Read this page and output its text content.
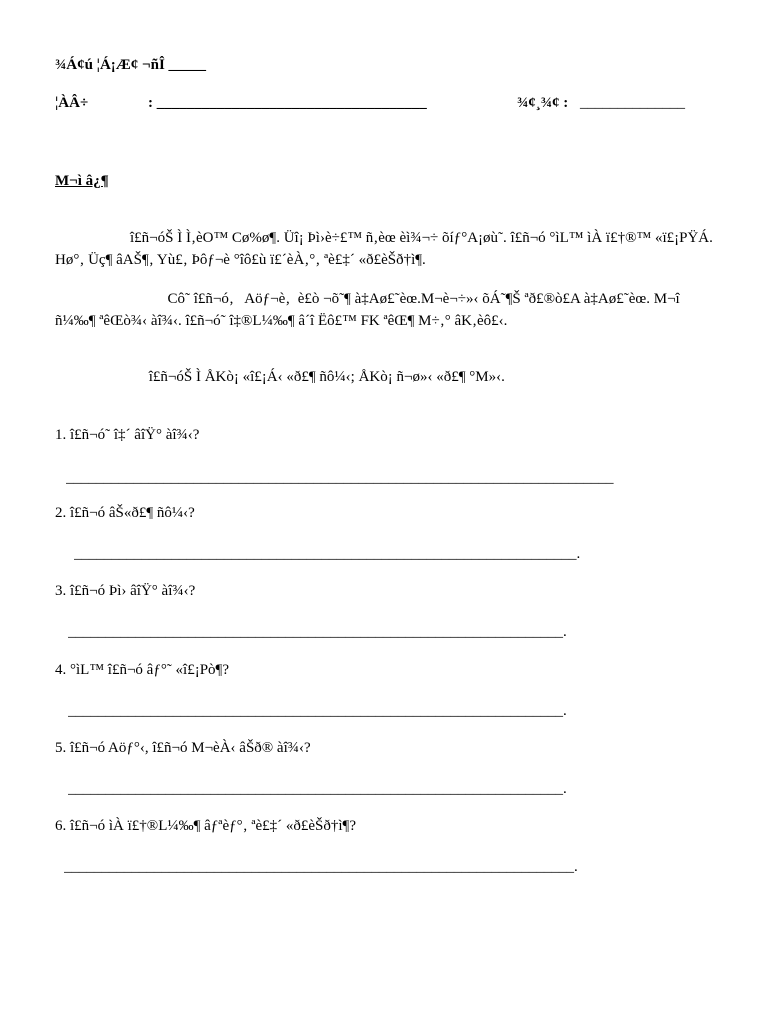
¾Á¢ú ¦Á¡Æ¢ ¬ñÎ _____
¦ÀÂ÷	: ____________________________________	¾¢¸¾¢ : ______________
M¬ì â¿¶
î£ñ¬óŠ Ì Ì‚èO™ Cø%ø¶. Üî¡ Þì›è÷£™ ñ‚èœ èì¾¬÷ õíƒ°A¡øù˜. î£ñ¬ó °ìL™ ìÀ ï£†®™ «ï£¡PŸÁ. Hø°‚ Üç¶ âAŠ¶‚ Yù£‚ Þôƒ¬è °îô£ù ï£´èÀ‚°‚ ªè£‡´ «ð£èŠð†ì¶.
Cô˜ î£ñ¬ó‚   Aöƒ¬è‚  è£ò ¬õ˜¶ à‡Aø£˜èœ.M¬è¬÷»‹ õÁ˜¶Š ªð£®ò£A à‡Aø£˜èœ. M¬î ñ¼‰¶ ªêŒò¾‹ àî¾‹. î£ñ¬ó˜ î‡®L¼‰¶ â´î Ëô£™ FK ªêŒ¶ M÷‚° âK‚èô£‹.
î£ñ¬óŠ Ì ÅKò¡ «î£¡Á‹ «ð£¶ ñô¼‹; ÅKò¡ ñ¬ø»‹ «ð£¶ °M»‹.
1. î£ñ¬ó˜ î‡´ âîŸ° àî¾‹?
_________________________________________________________________________
2. î£ñ¬ó âŠ«ð£¶ ñô¼‹?
___________________________________________________________________.
3. î£ñ¬ó Þì› âîŸ° àî¾‹?
__________________________________________________________________.
4. °ìL™ î£ñ¬ó âƒ°˜ «î£¡Pò¶?
__________________________________________________________________.
5. î£ñ¬ó Aöƒ°‹, î£ñ¬ó M¬èÀ‹ âŠð® àî¾‹?
__________________________________________________________________.
6. î£ñ¬ó ìÀ ï£†®L¼‰¶ âƒªèƒ°‚ ªè£‡´ «ð£èŠð†ì¶?
____________________________________________________________________.
